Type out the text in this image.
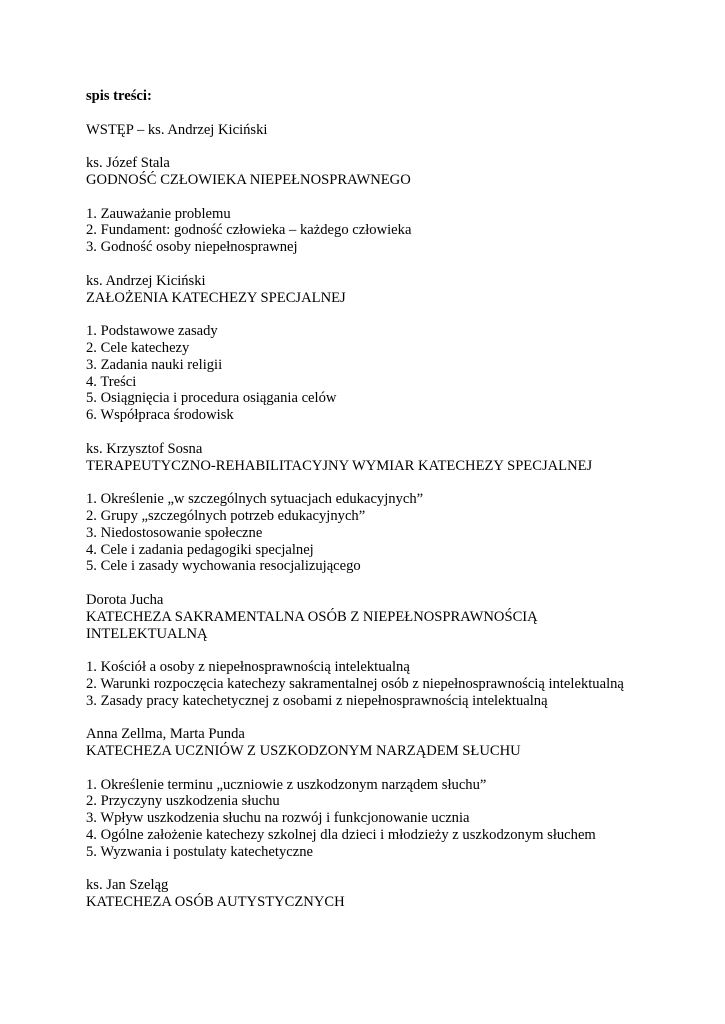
spis treści:
WSTĘP – ks. Andrzej Kiciński
ks. Józef Stala
GODNOŚĆ CZŁOWIEKA NIEPEŁNOSPRAWNEGO
1. Zauważanie problemu
2. Fundament: godność człowieka – każdego człowieka
3. Godność osoby niepełnosprawnej
ks. Andrzej Kiciński
ZAŁOŻENIA KATECHEZY SPECJALNEJ
1. Podstawowe zasady
2. Cele katechezy
3. Zadania nauki religii
4. Treści
5. Osiągnięcia i procedura osiągania celów
6. Współpraca środowisk
ks. Krzysztof Sosna
TERAPEUTYCZNO-REHABILITACYJNY WYMIAR KATECHEZY SPECJALNEJ
1. Określenie „w szczególnych sytuacjach edukacyjnych”
2. Grupy „szczególnych potrzeb edukacyjnych”
3. Niedostosowanie społeczne
4. Cele i zadania pedagogiki specjalnej
5. Cele i zasady wychowania resocjalizującego
Dorota Jucha
KATECHEZA SAKRAMENTALNA OSÓB Z NIEPEŁNOSPRAWNOŚCIĄ INTELEKTUALNĄ
1. Kościół a osoby z niepełnosprawnością intelektualną
2. Warunki rozpoczęcia katechezy sakramentalnej osób z niepełnosprawnością intelektualną
3. Zasady pracy katechetycznej z osobami z niepełnosprawnością intelektualną
Anna Zellma, Marta Punda
KATECHEZA UCZNIÓW Z USZKODZONYM NARZĄDEM SŁUCHU
1. Określenie terminu „uczniowie z uszkodzonym narządem słuchu”
2. Przyczyny uszkodzenia słuchu
3. Wpływ uszkodzenia słuchu na rozwój i funkcjonowanie ucznia
4. Ogólne założenie katechezy szkolnej dla dzieci i młodzieży z uszkodzonym słuchem
5. Wyzwania i postulaty katechetyczne
ks. Jan Szeląg
KATECHEZA OSÓB AUTYSTYCZNYCH
